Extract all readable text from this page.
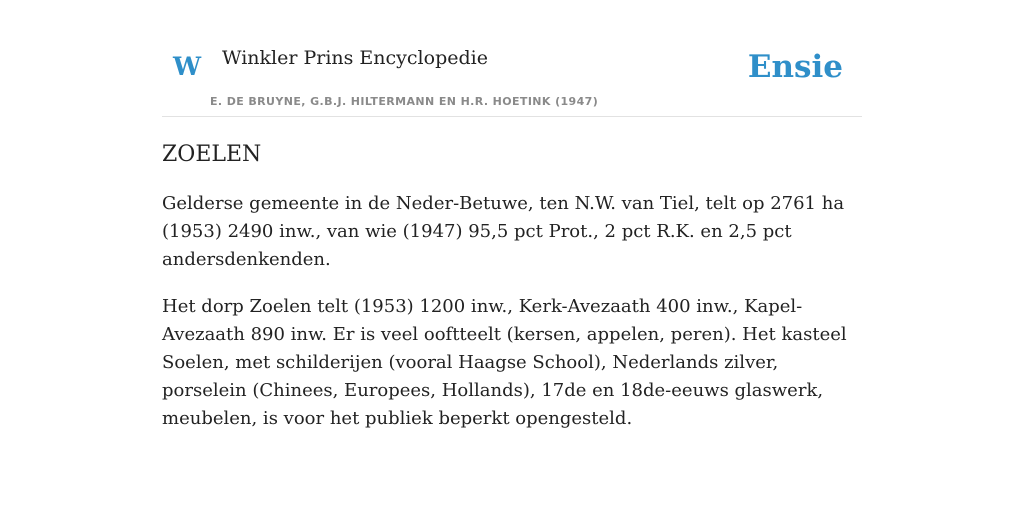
W Winkler Prins Encyclopedie
E. DE BRUYNE, G.B.J. HILTERMANN EN H.R. HOETINK (1947)
Ensie
ZOELEN

Gelderse gemeente in de Neder-Betuwe, ten N.W. van Tiel, telt op 2761 ha (1953) 2490 inw., van wie (1947) 95,5 pct Prot., 2 pct R.K. en 2,5 pct andersdenkenden.

Het dorp Zoelen telt (1953) 1200 inw., Kerk-Avezaath 400 inw., Kapel-Avezaath 890 inw. Er is veel ooftteelt (kersen, appelen, peren). Het kasteel Soelen, met schilderijen (vooral Haagse School), Nederlands zilver, porselein (Chinees, Europees, Hollands), 17de en 18de-eeuws glaswerk, meubelen, is voor het publiek beperkt opengesteld.
